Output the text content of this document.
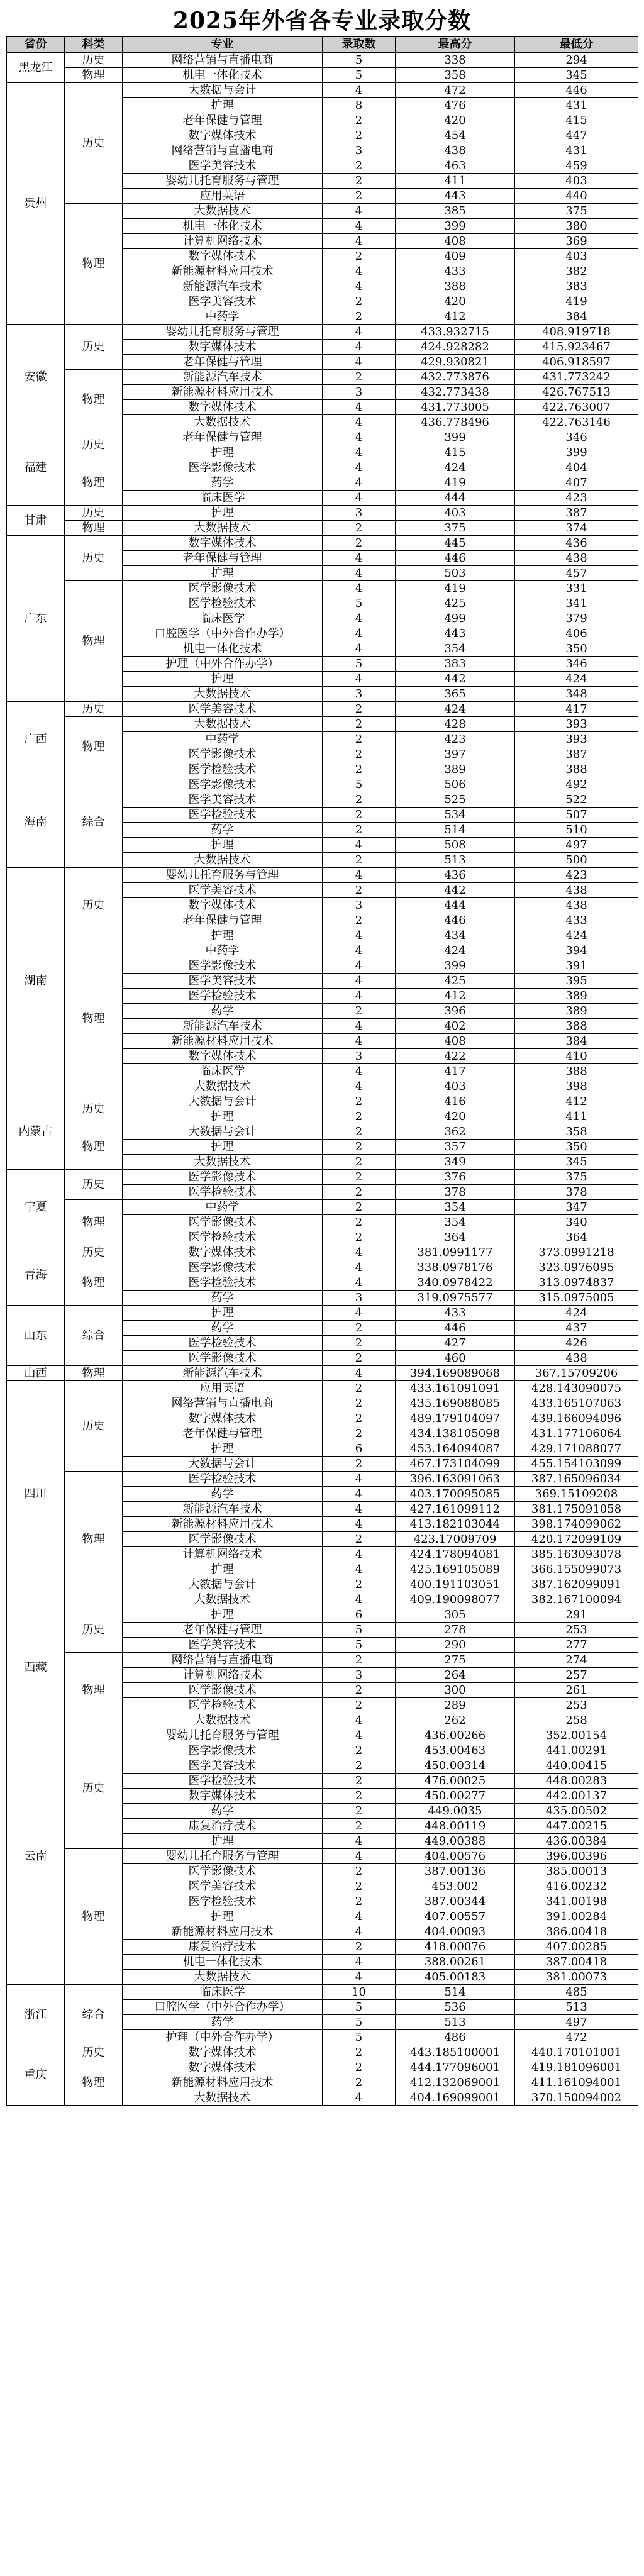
2025年外省各专业录取分数
省份	科类	专业	录取数	最高分	最低分
黑龙江	历史	网络营销与直播电商	5	338	294
	物理	机电一体化技术	5	358	345
贵州	历史	大数据与会计	4	472	446
		护理	8	476	431
		老年保健与管理	2	420	415
		数字媒体技术	2	454	447
		网络营销与直播电商	3	438	431
		医学美容技术	2	463	459
		婴幼儿托育服务与管理	2	411	403
		应用英语	2	443	440
	物理	大数据技术	4	385	375
		机电一体化技术	4	399	380
		计算机网络技术	4	408	369
		数字媒体技术	2	409	403
		新能源材料应用技术	4	433	382
		新能源汽车技术	4	388	383
		医学美容技术	2	420	419
		中药学	2	412	384
安徽	历史	婴幼儿托育服务与管理	4	433.932715	408.919718
		数字媒体技术	4	424.928282	415.923467
		老年保健与管理	4	429.930821	406.918597
	物理	新能源汽车技术	2	432.773876	431.773242
		新能源材料应用技术	3	432.773438	426.767513
		数字媒体技术	4	431.773005	422.763007
		大数据技术	4	436.778496	422.763146
福建	历史	老年保健与管理	4	399	346
		护理	4	415	399
	物理	医学影像技术	4	424	404
		药学	4	419	407
		临床医学	4	444	423
甘肃	历史	护理	3	403	387
	物理	大数据技术	2	375	374
广东	历史	数字媒体技术	2	445	436
		老年保健与管理	4	446	438
		护理	4	503	457
	物理	医学影像技术	4	419	331
		医学检验技术	5	425	341
		临床医学	4	499	379
		口腔医学（中外合作办学）	4	443	406
		机电一体化技术	4	354	350
		护理（中外合作办学）	5	383	346
		护理	4	442	424
		大数据技术	3	365	348
广西	历史	医学美容技术	2	424	417
	物理	大数据技术	2	428	393
		中药学	2	423	393
		医学影像技术	2	397	387
		医学检验技术	2	389	388
海南	综合	医学影像技术	5	506	492
		医学美容技术	2	525	522
		医学检验技术	2	534	507
		药学	2	514	510
		护理	4	508	497
		大数据技术	2	513	500
湖南	历史	婴幼儿托育服务与管理	4	436	423
		医学美容技术	2	442	438
		数字媒体技术	3	444	438
		老年保健与管理	2	446	433
		护理	4	434	424
	物理	中药学	4	424	394
		医学影像技术	4	399	391
		医学美容技术	4	425	395
		医学检验技术	4	412	389
		药学	2	396	389
		新能源汽车技术	4	402	388
		新能源材料应用技术	4	408	384
		数字媒体技术	3	422	410
		临床医学	4	417	388
		大数据技术	4	403	398
内蒙古	历史	大数据与会计	2	416	412
		护理	2	420	411
	物理	大数据与会计	2	362	358
		护理	2	357	350
		大数据技术	2	349	345
宁夏	历史	医学影像技术	2	376	375
		医学检验技术	2	378	378
	物理	中药学	2	354	347
		医学影像技术	2	354	340
		医学检验技术	2	364	364
青海	历史	数字媒体技术	4	381.0991177	373.0991218
	物理	医学影像技术	4	338.0978176	323.0976095
		医学检验技术	4	340.0978422	313.0974837
		药学	3	319.0975577	315.0975005
山东	综合	护理	4	433	424
		药学	2	446	437
		医学检验技术	2	427	426
		医学影像技术	2	460	438
山西	物理	新能源汽车技术	4	394.169089068	367.15709206
四川	历史	应用英语	2	433.161091091	428.143090075
		网络营销与直播电商	2	435.169088085	433.165107063
		数字媒体技术	2	489.179104097	439.166094096
		老年保健与管理	2	434.138105098	431.177106064
		护理	6	453.164094087	429.171088077
		大数据与会计	2	467.173104099	455.154103099
	物理	医学检验技术	4	396.163091063	387.165096034
		药学	4	403.170095085	369.15109208
		新能源汽车技术	4	427.161099112	381.175091058
		新能源材料应用技术	4	413.182103044	398.174099062
		医学影像技术	2	423.17009709	420.172099109
		计算机网络技术	4	424.178094081	385.163093078
		护理	4	425.169105089	366.155099073
		大数据与会计	2	400.191103051	387.162099091
		大数据技术	4	409.190098077	382.167100094
西藏	历史	护理	6	305	291
		老年保健与管理	5	278	253
		医学美容技术	5	290	277
	物理	网络营销与直播电商	2	275	274
		计算机网络技术	3	264	257
		医学影像技术	2	300	261
		医学检验技术	2	289	253
		大数据技术	4	262	258
云南	历史	婴幼儿托育服务与管理	4	436.00266	352.00154
		医学影像技术	2	453.00463	441.00291
		医学美容技术	2	450.00314	440.00415
		医学检验技术	2	476.00025	448.00283
		数字媒体技术	2	450.00277	442.00137
		药学	2	449.0035	435.00502
		康复治疗技术	2	448.00119	447.00215
		护理	4	449.00388	436.00384
	物理	婴幼儿托育服务与管理	4	404.00576	396.00396
		医学影像技术	2	387.00136	385.00013
		医学美容技术	2	453.002	416.00232
		医学检验技术	2	387.00344	341.00198
		护理	4	407.00557	391.00284
		新能源材料应用技术	4	404.00093	386.00418
		康复治疗技术	2	418.00076	407.00285
		机电一体化技术	4	388.00261	387.00418
		大数据技术	4	405.00183	381.00073
浙江	综合	临床医学	10	514	485
		口腔医学（中外合作办学）	5	536	513
		药学	5	513	497
		护理（中外合作办学）	5	486	472
重庆	历史	数字媒体技术	2	443.185100001	440.170101001
	物理	数字媒体技术	2	444.177096001	419.181096001
		新能源材料应用技术	2	412.132069001	411.161094001
		大数据技术	4	404.169099001	370.150094002
